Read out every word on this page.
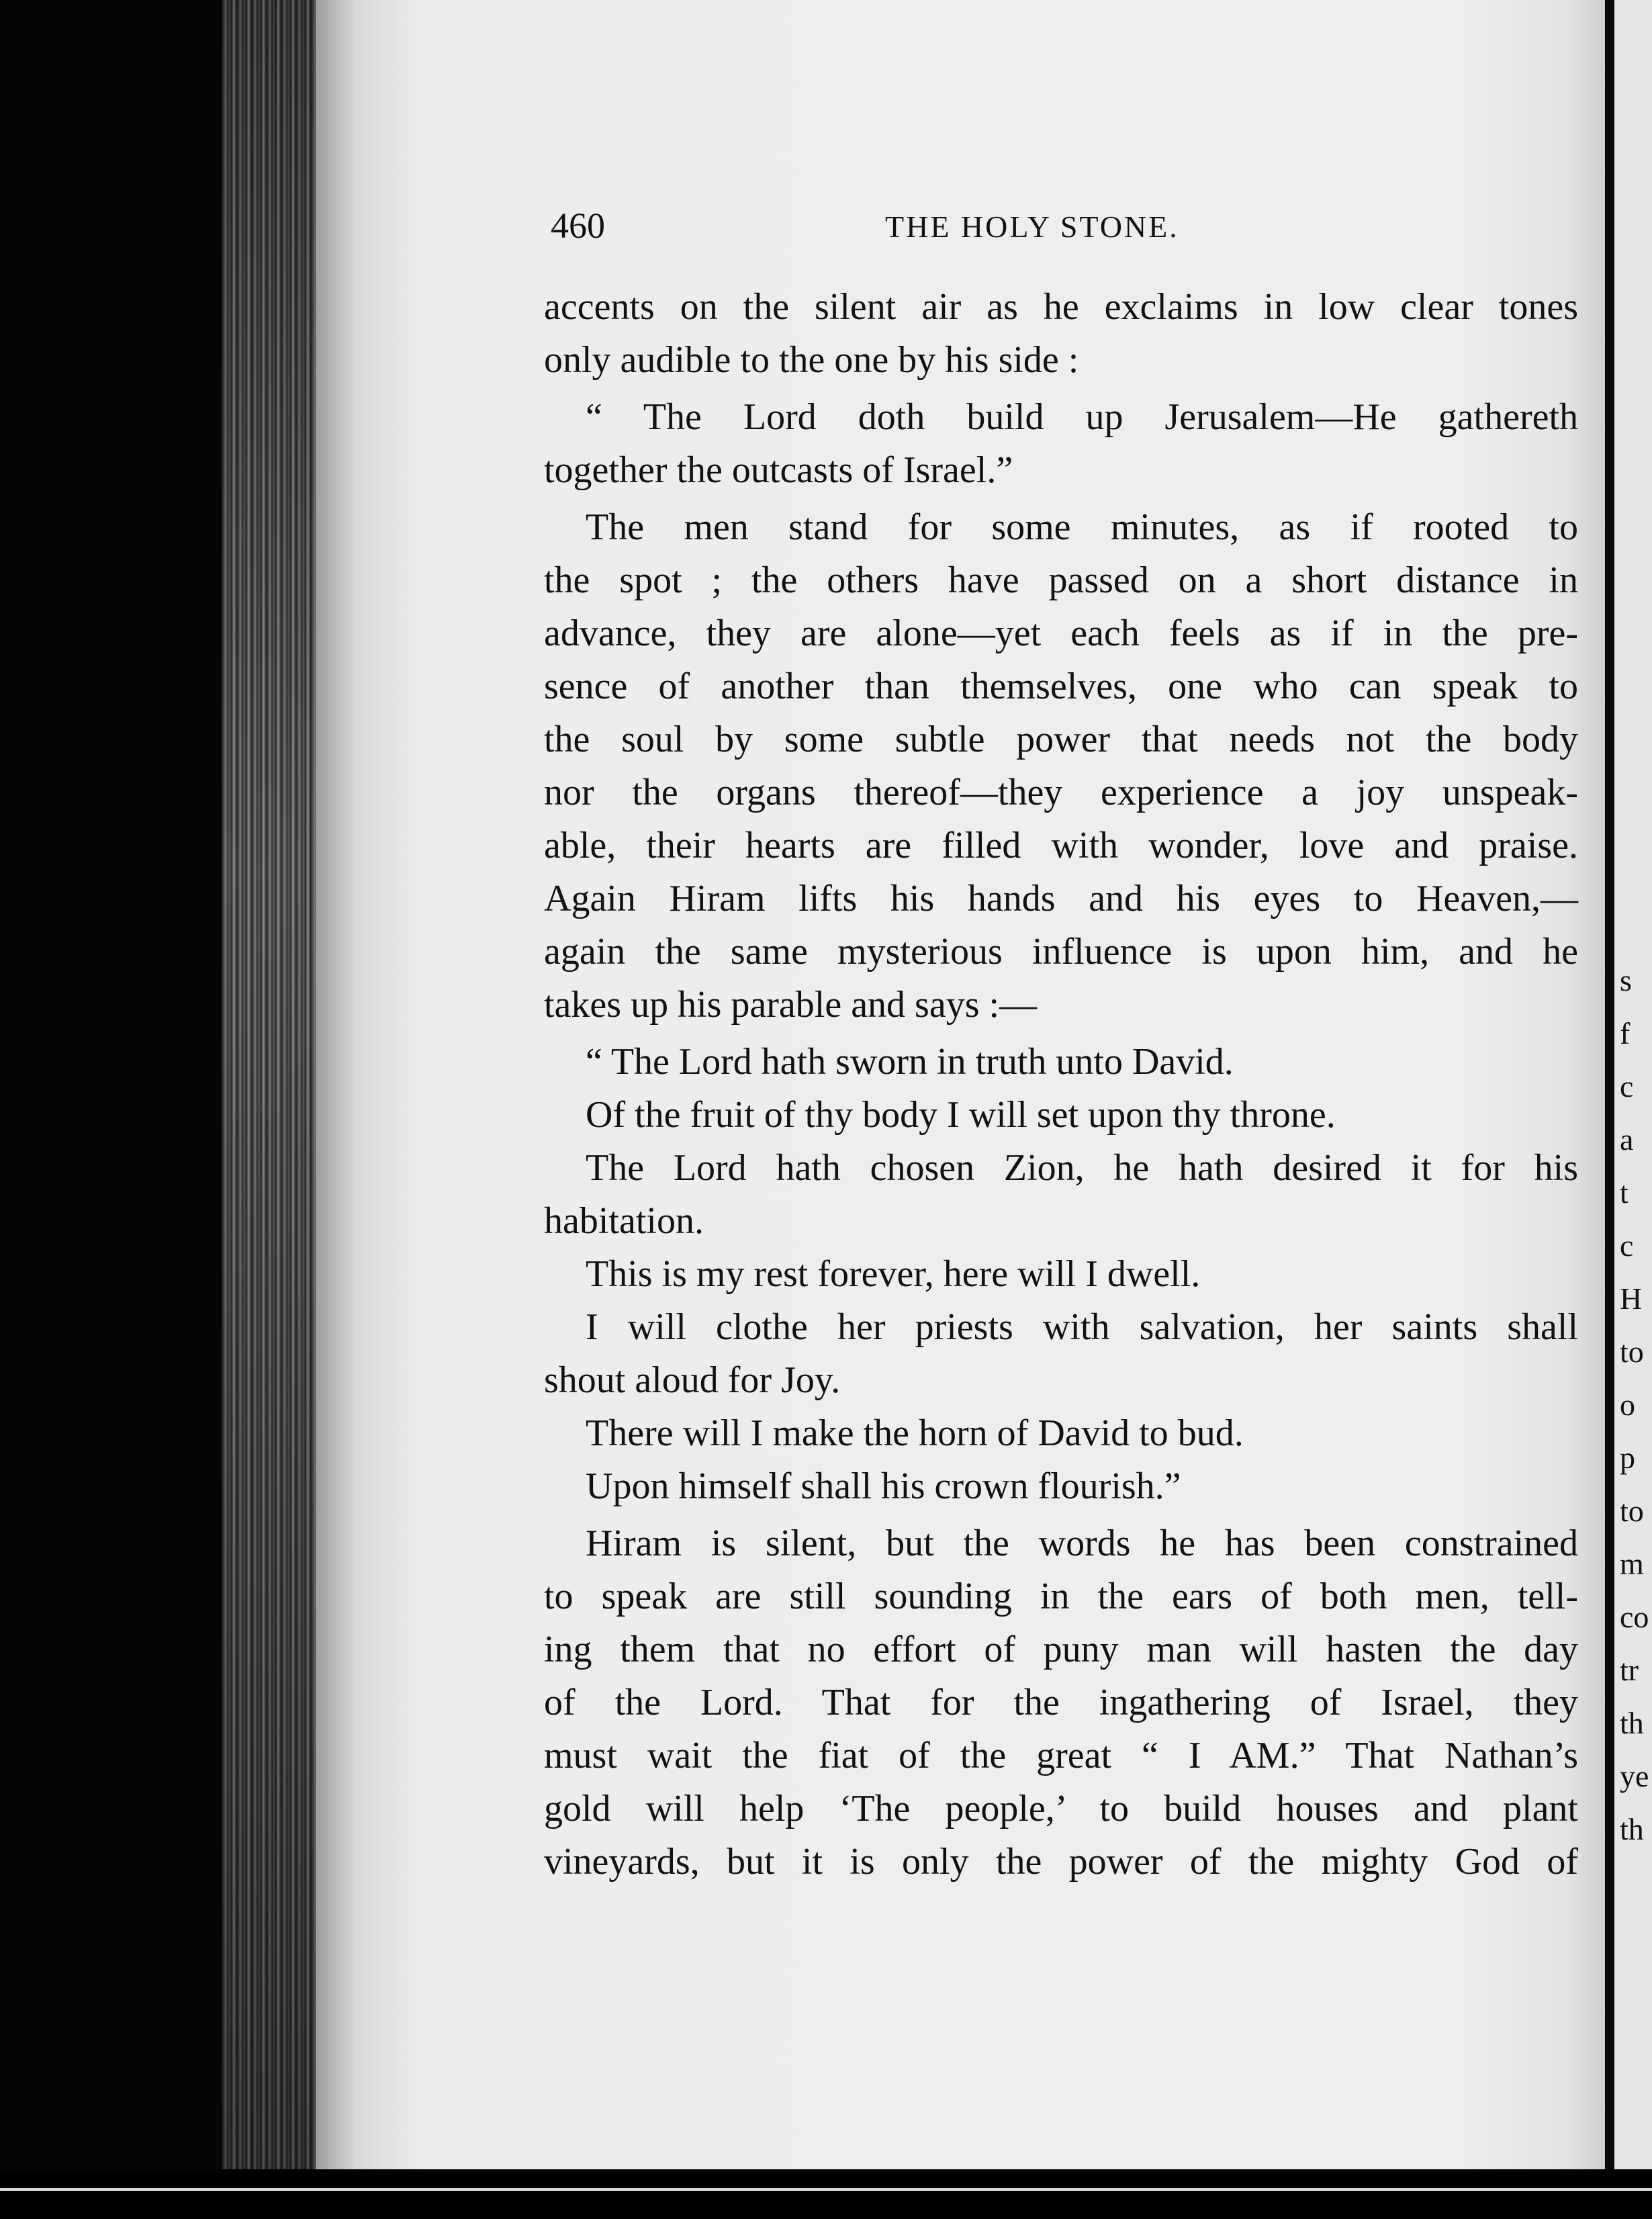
460	THE HOLY STONE.
accents on the silent air as he exclaims in low clear tones
only audible to the one by his side :
“ The Lord doth build up Jerusalem—He gathereth
together the outcasts of Israel.”
The men stand for some minutes, as if rooted to
the spot ; the others have passed on a short distance in
advance, they are alone—yet each feels as if in the pre-
sence of another than themselves, one who can speak to
the soul by some subtle power that needs not the body
nor the organs thereof—they experience a joy unspeak-
able, their hearts are filled with wonder, love and praise.
Again Hiram lifts his hands and his eyes to Heaven,—
again the same mysterious influence is upon him, and he
takes up his parable and says :—
“ The Lord hath sworn in truth unto David.
Of the fruit of thy body I will set upon thy throne.
The Lord hath chosen Zion, he hath desired it for his
habitation.
This is my rest forever, here will I dwell.
I will clothe her priests with salvation, her saints shall
shout aloud for Joy.
There will I make the horn of David to bud.
Upon himself shall his crown flourish.”
Hiram is silent, but the words he has been constrained
to speak are still sounding in the ears of both men, tell-
ing them that no effort of puny man will hasten the day
of the Lord. That for the ingathering of Israel, they
must wait the fiat of the great “ I AM.” That Nathan’s
gold will help ‘The people,’ to build houses and plant
vineyards, but it is only the power of the mighty God of
s
f
c
a
t
c
H
to
o
p
to
m
co
tr
th
ye
th
